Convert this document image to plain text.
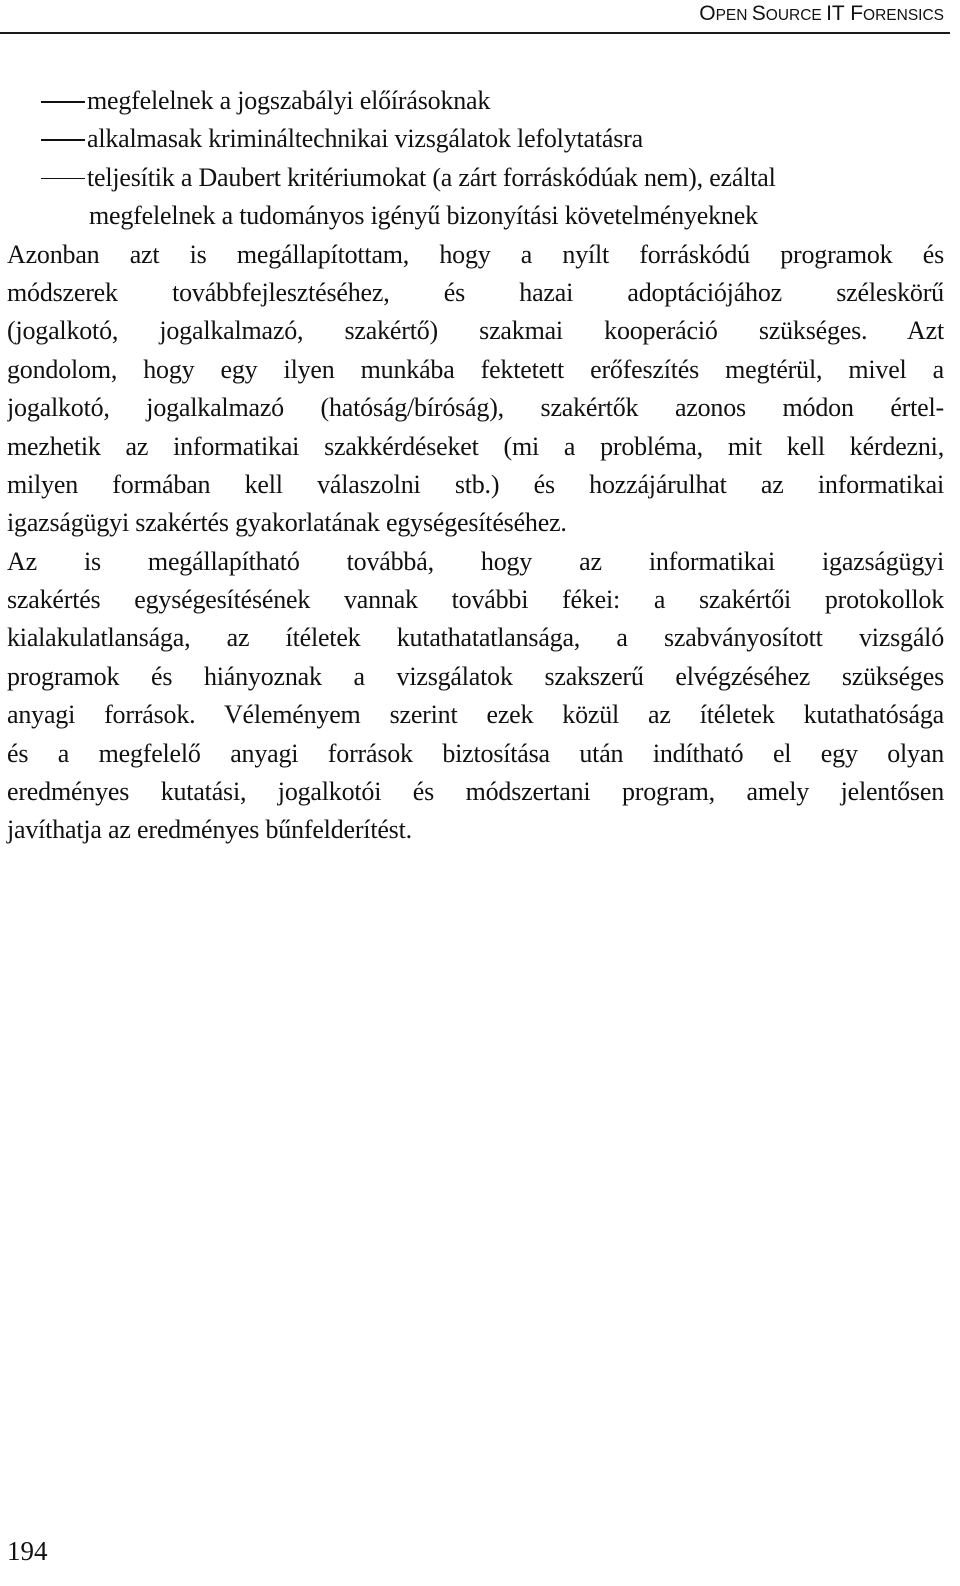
OPEN SOURCE IT FORENSICS
megfelelnek a jogszabályi előírásoknak
alkalmasak krimináltechnikai vizsgálatok lefolytatásra
teljesítik a Daubert kritériumokat (a zárt forráskódúak nem), ezáltal
megfelelnek a tudományos igényű bizonyítási követelményeknek
Azonban azt is megállapítottam, hogy a nyílt forráskódú programok és
módszerek továbbfejlesztéséhez, és hazai adoptációjához széleskörű
(jogalkotó, jogalkalmazó, szakértő) szakmai kooperáció szükséges. Azt
gondolom, hogy egy ilyen munkába fektetett erőfeszítés megtérül, mivel a
jogalkotó, jogalkalmazó (hatóság/bíróság), szakértők azonos módon értel-
mezhetik az informatikai szakkérdéseket (mi a probléma, mit kell kérdezni,
milyen formában kell válaszolni stb.) és hozzájárulhat az informatikai
igazságügyi szakértés gyakorlatának egységesítéséhez.
Az is megállapítható továbbá, hogy az informatikai igazságügyi
szakértés egységesítésének vannak további fékei: a szakértői protokollok
kialakulatlansága, az ítéletek kutathatatlansága, a szabványosított vizsgáló
programok és hiányoznak a vizsgálatok szakszerű elvégzéséhez szükséges
anyagi források. Véleményem szerint ezek közül az ítéletek kutathatósága
és a megfelelő anyagi források biztosítása után indítható el egy olyan
eredményes kutatási, jogalkotói és módszertani program, amely jelentősen
javíthatja az eredményes bűnfelderítést.
194
